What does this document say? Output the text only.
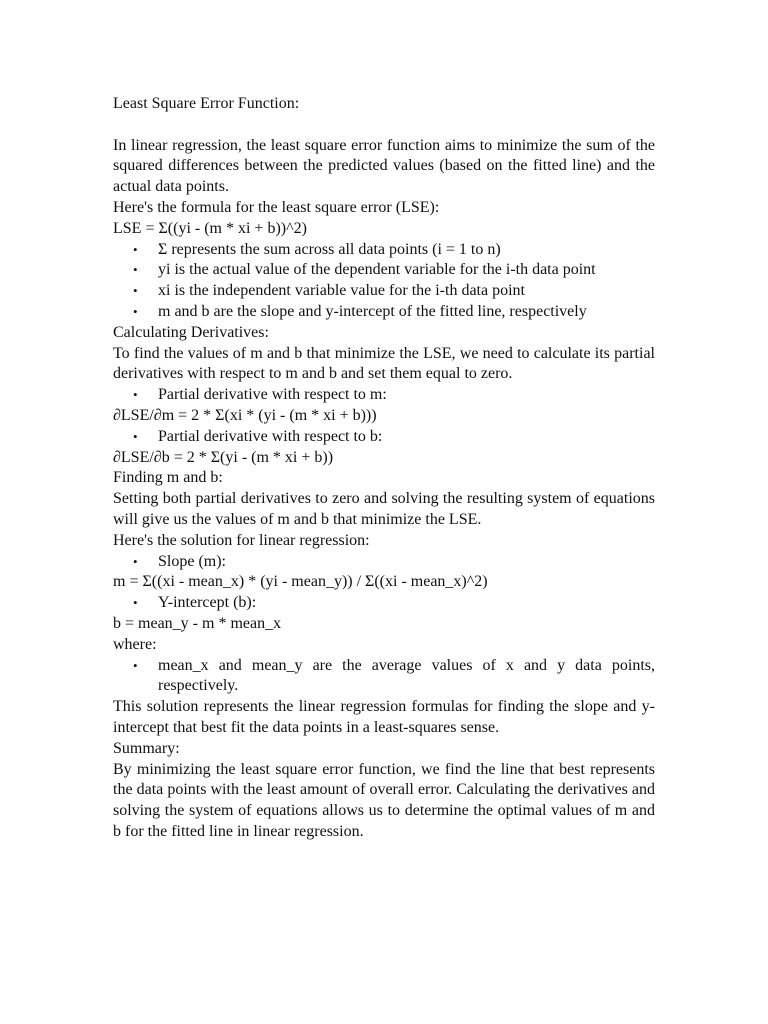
Least Square Error Function:

In linear regression, the least square error function aims to minimize the sum of the squared differences between the predicted values (based on the fitted line) and the actual data points.

Here's the formula for the least square error (LSE):

LSE = Σ((yi - (m * xi + b))^2)

• Σ represents the sum across all data points (i = 1 to n)
• yi is the actual value of the dependent variable for the i-th data point
• xi is the independent variable value for the i-th data point
• m and b are the slope and y-intercept of the fitted line, respectively

Calculating Derivatives:

To find the values of m and b that minimize the LSE, we need to calculate its partial derivatives with respect to m and b and set them equal to zero.

• Partial derivative with respect to m:

∂LSE/∂m = 2 * Σ(xi * (yi - (m * xi + b)))

• Partial derivative with respect to b:

∂LSE/∂b = 2 * Σ(yi - (m * xi + b))

Finding m and b:

Setting both partial derivatives to zero and solving the resulting system of equations will give us the values of m and b that minimize the LSE.

Here's the solution for linear regression:

• Slope (m):

m = Σ((xi - mean_x) * (yi - mean_y)) / Σ((xi - mean_x)^2)

• Y-intercept (b):

b = mean_y - m * mean_x

where:

• mean_x and mean_y are the average values of x and y data points, respectively.

This solution represents the linear regression formulas for finding the slope and y-intercept that best fit the data points in a least-squares sense.

Summary:

By minimizing the least square error function, we find the line that best represents the data points with the least amount of overall error. Calculating the derivatives and solving the system of equations allows us to determine the optimal values of m and b for the fitted line in linear regression.
